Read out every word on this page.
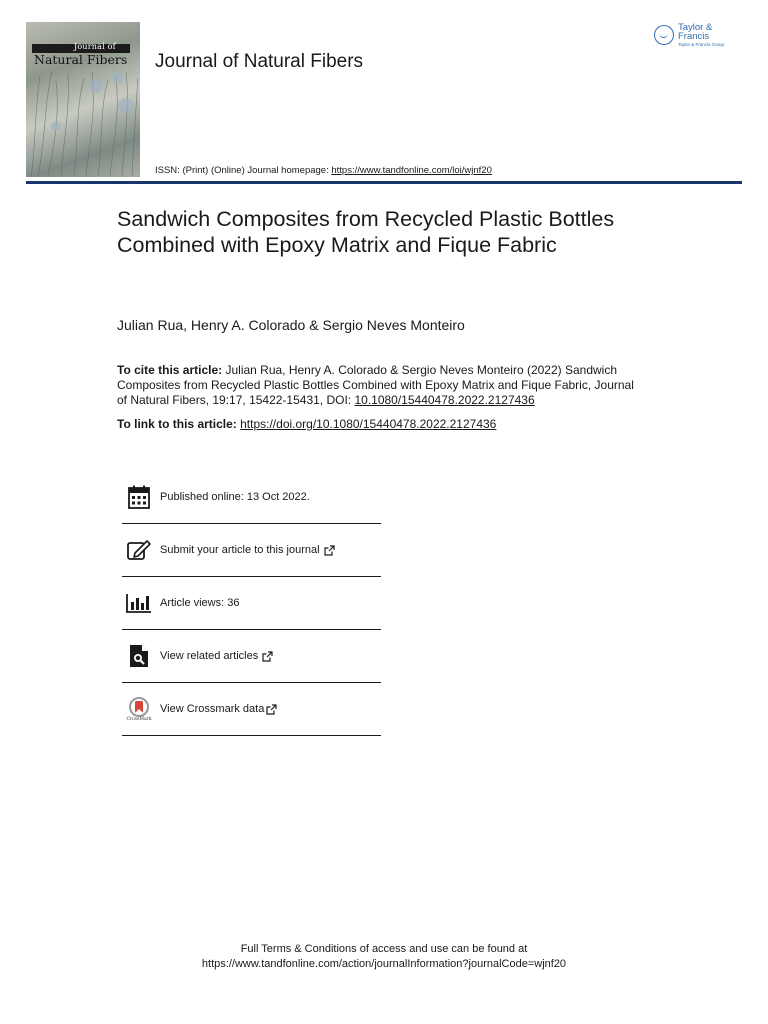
Journal of
Natural Fibers Journal of Natural Fibers
Taylor & Francis
Taylor & Francis Group
ISSN: (Print) (Online) Journal homepage: https://www.tandfonline.com/loi/wjnf20
Sandwich Composites from Recycled Plastic Bottles Combined with Epoxy Matrix and Fique Fabric
Julian Rua, Henry A. Colorado & Sergio Neves Monteiro
To cite this article: Julian Rua, Henry A. Colorado & Sergio Neves Monteiro (2022) Sandwich Composites from Recycled Plastic Bottles Combined with Epoxy Matrix and Fique Fabric, Journal of Natural Fibers, 19:17, 15422-15431, DOI: 10.1080/15440478.2022.2127436
To link to this article: https://doi.org/10.1080/15440478.2022.2127436
Published online: 13 Oct 2022.
Submit your article to this journal
Article views: 36
View related articles
CrossMark
View Crossmark data
Full Terms & Conditions of access and use can be found at
https://www.tandfonline.com/action/journalInformation?journalCode=wjnf20
